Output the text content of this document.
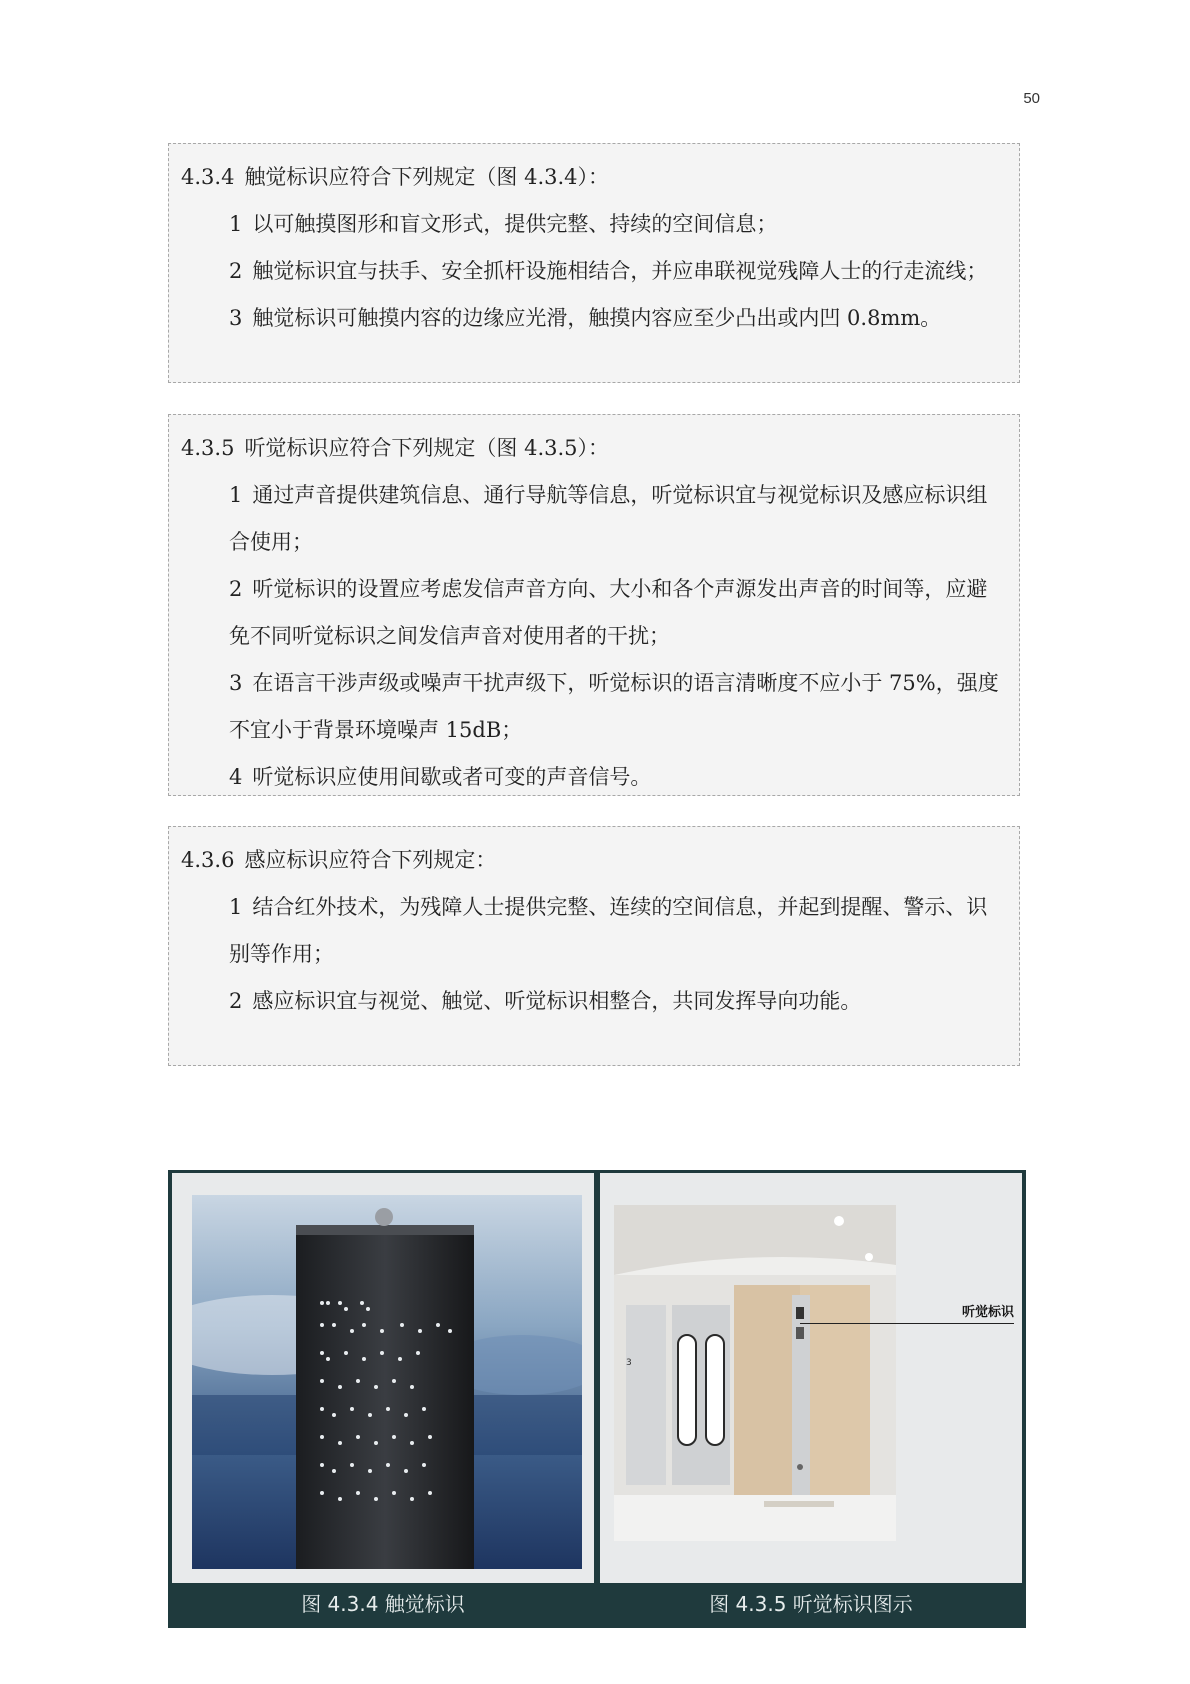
50

4.3.4 触觉标识应符合下列规定（图 4.3.4）：

1 以可触摸图形和盲文形式，提供完整、持续的空间信息；

2 触觉标识宜与扶手、安全抓杆设施相结合，并应串联视觉残障人士的行走流线；

3 触觉标识可触摸内容的边缘应光滑，触摸内容应至少凸出或内凹 0.8mm。

4.3.5 听觉标识应符合下列规定（图 4.3.5）：

1 通过声音提供建筑信息、通行导航等信息，听觉标识宜与视觉标识及感应标识组合使用；

2 听觉标识的设置应考虑发信声音方向、大小和各个声源发出声音的时间等，应避免不同听觉标识之间发信声音对使用者的干扰；

3 在语言干涉声级或噪声干扰声级下，听觉标识的语言清晰度不应小于 75%，强度不宜小于背景环境噪声 15dB；

4 听觉标识应使用间歇或者可变的声音信号。

4.3.6 感应标识应符合下列规定：

1 结合红外技术，为残障人士提供完整、连续的空间信息，并起到提醒、警示、识别等作用；

2 感应标识宜与视觉、触觉、听觉标识相整合，共同发挥导向功能。

3
听觉标识
图 4.3.4 触觉标识	图 4.3.5 听觉标识图示
